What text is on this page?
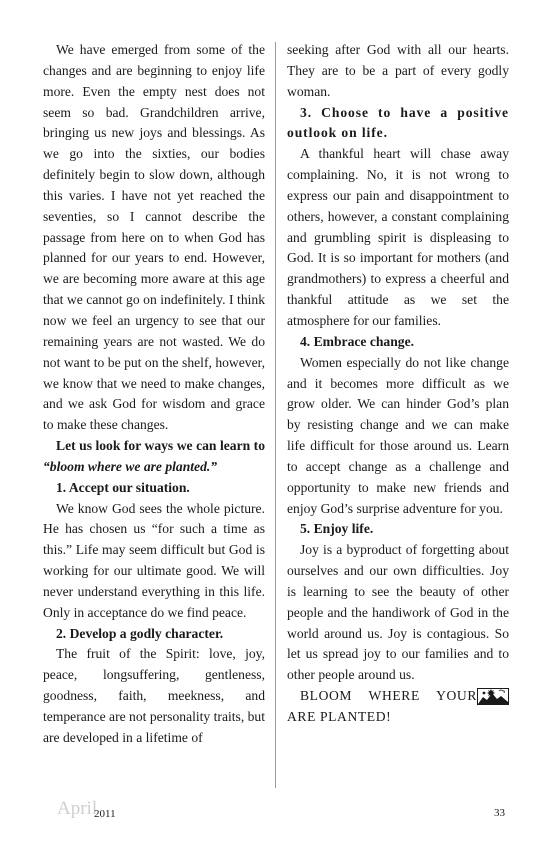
We have emerged from some of the changes and are beginning to enjoy life more. Even the empty nest does not seem so bad. Grandchildren arrive, bringing us new joys and blessings. As we go into the sixties, our bodies definitely begin to slow down, although this varies. I have not yet reached the seventies, so I cannot describe the passage from here on to when God has planned for our years to end. However, we are becoming more aware at this age that we cannot go on indefinitely. I think now we feel an urgency to see that our remaining years are not wasted. We do not want to be put on the shelf, however, we know that we need to make changes, and we ask God for wisdom and grace to make these changes.

Let us look for ways we can learn to “bloom where we are planted.”

1. Accept our situation.

We know God sees the whole picture. He has chosen us “for such a time as this.” Life may seem difficult but God is working for our ultimate good. We will never understand everything in this life. Only in acceptance do we find peace.

2. Develop a godly character.

The fruit of the Spirit: love, joy, peace, longsuffering, gentleness, goodness, faith, meekness, and temperance are not personality traits, but are developed in a lifetime of

seeking after God with all our hearts. They are to be a part of every godly woman.

3. Choose to have a positive outlook on life.

A thankful heart will chase away complaining. No, it is not wrong to express our pain and disappointment to others, however, a constant complaining and grumbling spirit is displeasing to God. It is so important for mothers (and grandmothers) to express a cheerful and thankful attitude as we set the atmosphere for our families.

4. Embrace change.

Women especially do not like change and it becomes more difficult as we grow older. We can hinder God’s plan by resisting change and we can make life difficult for those around us. Learn to accept change as a challenge and opportunity to make new friends and enjoy God’s surprise adventure for you.

5. Enjoy life.

Joy is a byproduct of forgetting about ourselves and our own difficulties. Joy is learning to see the beauty of other people and the handiwork of God in the world around us. Joy is contagious. So let us spread joy to our families and to other people around us.

BLOOM WHERE YOUR ARE PLANTED!

April
2011	33
